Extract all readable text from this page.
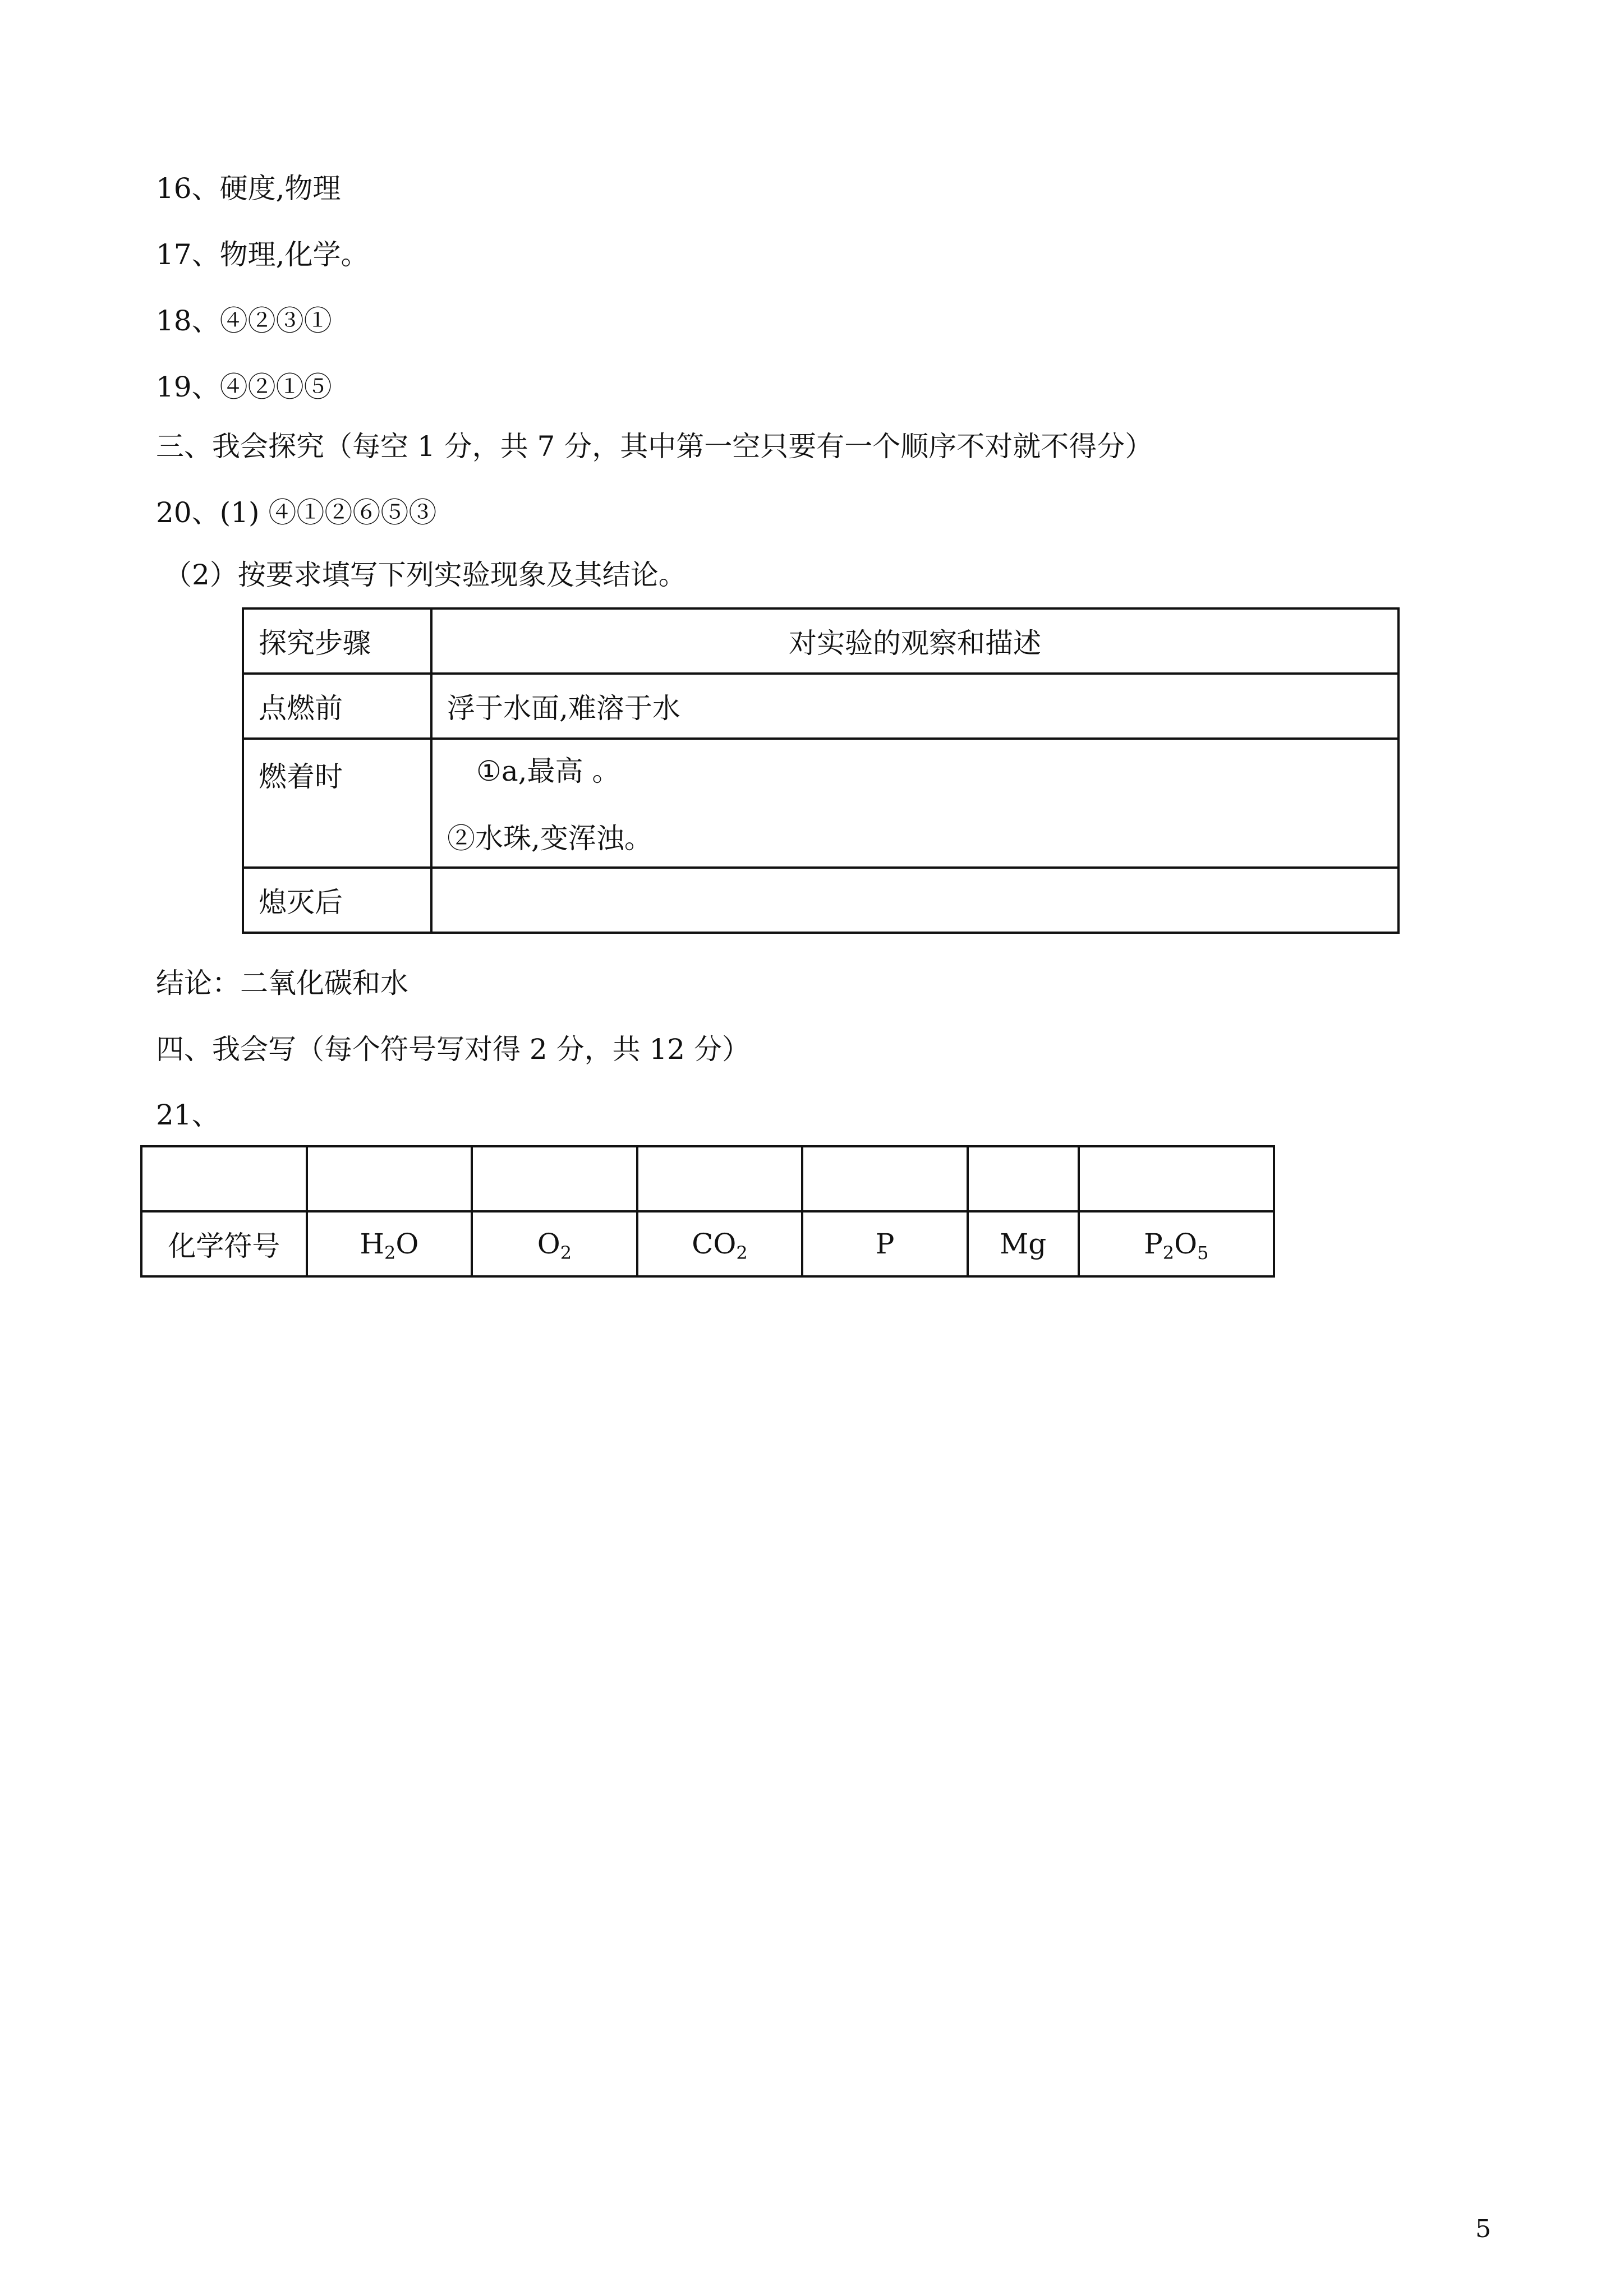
16、硬度,物理
17、物理,化学。
18、④②③①
19、④②①⑤
三、我会探究（每空 1 分，共 7 分，其中第一空只要有一个顺序不对就不得分）
20、(1) ④①②⑥⑤③
（2）按要求填写下列实验现象及其结论。
探究步骤	对实验的观察和描述
点燃前	浮于水面,难溶于水
燃着时	①a,最高 。
②水珠,变浑浊。

熄灭后	
结论：二氧化碳和水
四、我会写（每个符号写对得 2 分，共 12 分）
21、

化学符号	$H_2O$	$O_2$	$CO_2$	P	Mg	$P_2O_5$
5
